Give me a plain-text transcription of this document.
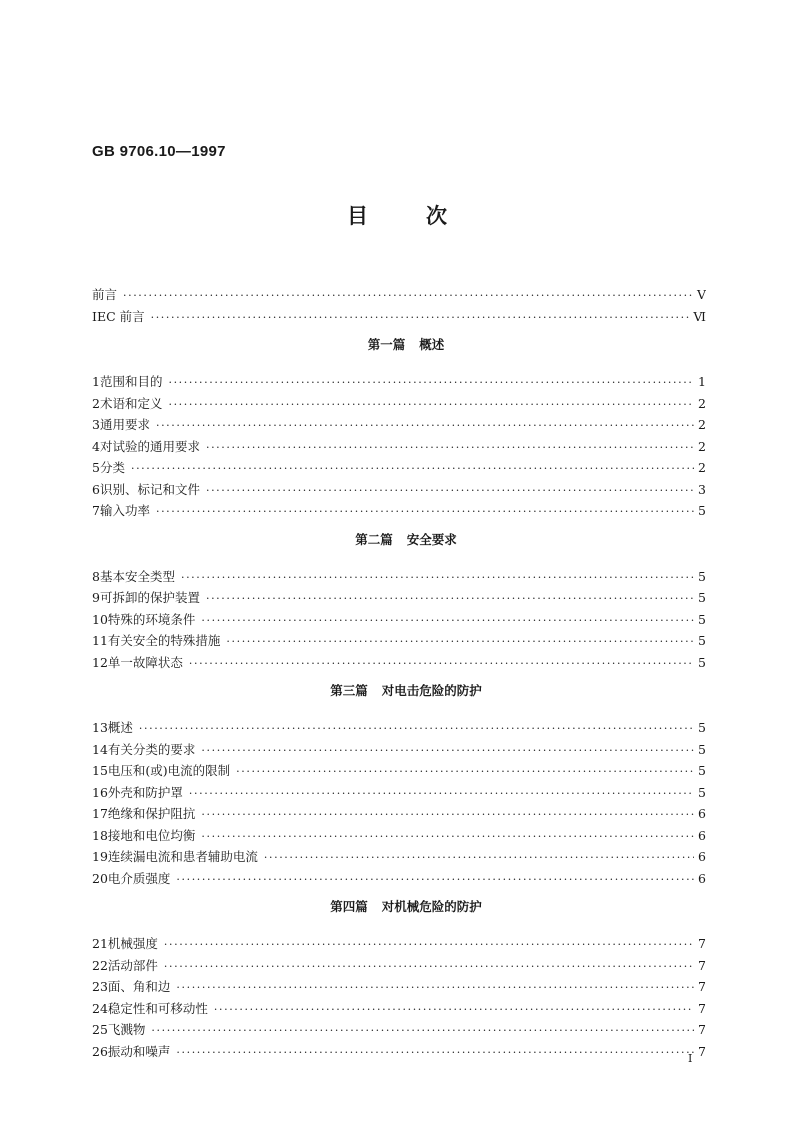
GB 9706.10—1997
目次
前言 ·····	V
IEC 前言 ·····	Ⅵ
第一篇 概述
1 范围和目的 ·····	1
2 术语和定义 ·····	2
3 通用要求 ·····	2
4 对试验的通用要求 ·····	2
5 分类 ·····	2
6 识别、标记和文件 ·····	3
7 输入功率 ·····	5
第二篇 安全要求
8 基本安全类型 ·····	5
9 可拆卸的保护装置 ·····	5
10 特殊的环境条件 ·····	5
11 有关安全的特殊措施 ·····	5
12 单一故障状态 ·····	5
第三篇 对电击危险的防护
13 概述 ·····	5
14 有关分类的要求 ·····	5
15 电压和(或)电流的限制 ·····	5
16 外壳和防护罩 ·····	5
17 绝缘和保护阻抗 ·····	6
18 接地和电位均衡 ·····	6
19 连续漏电流和患者辅助电流 ·····	6
20 电介质强度 ·····	6
第四篇 对机械危险的防护
21 机械强度 ·····	7
22 活动部件 ·····	7
23 面、角和边 ·····	7
24 稳定性和可移动性 ·····	7
25 飞溅物 ·····	7
26 振动和噪声 ·····	7
I
